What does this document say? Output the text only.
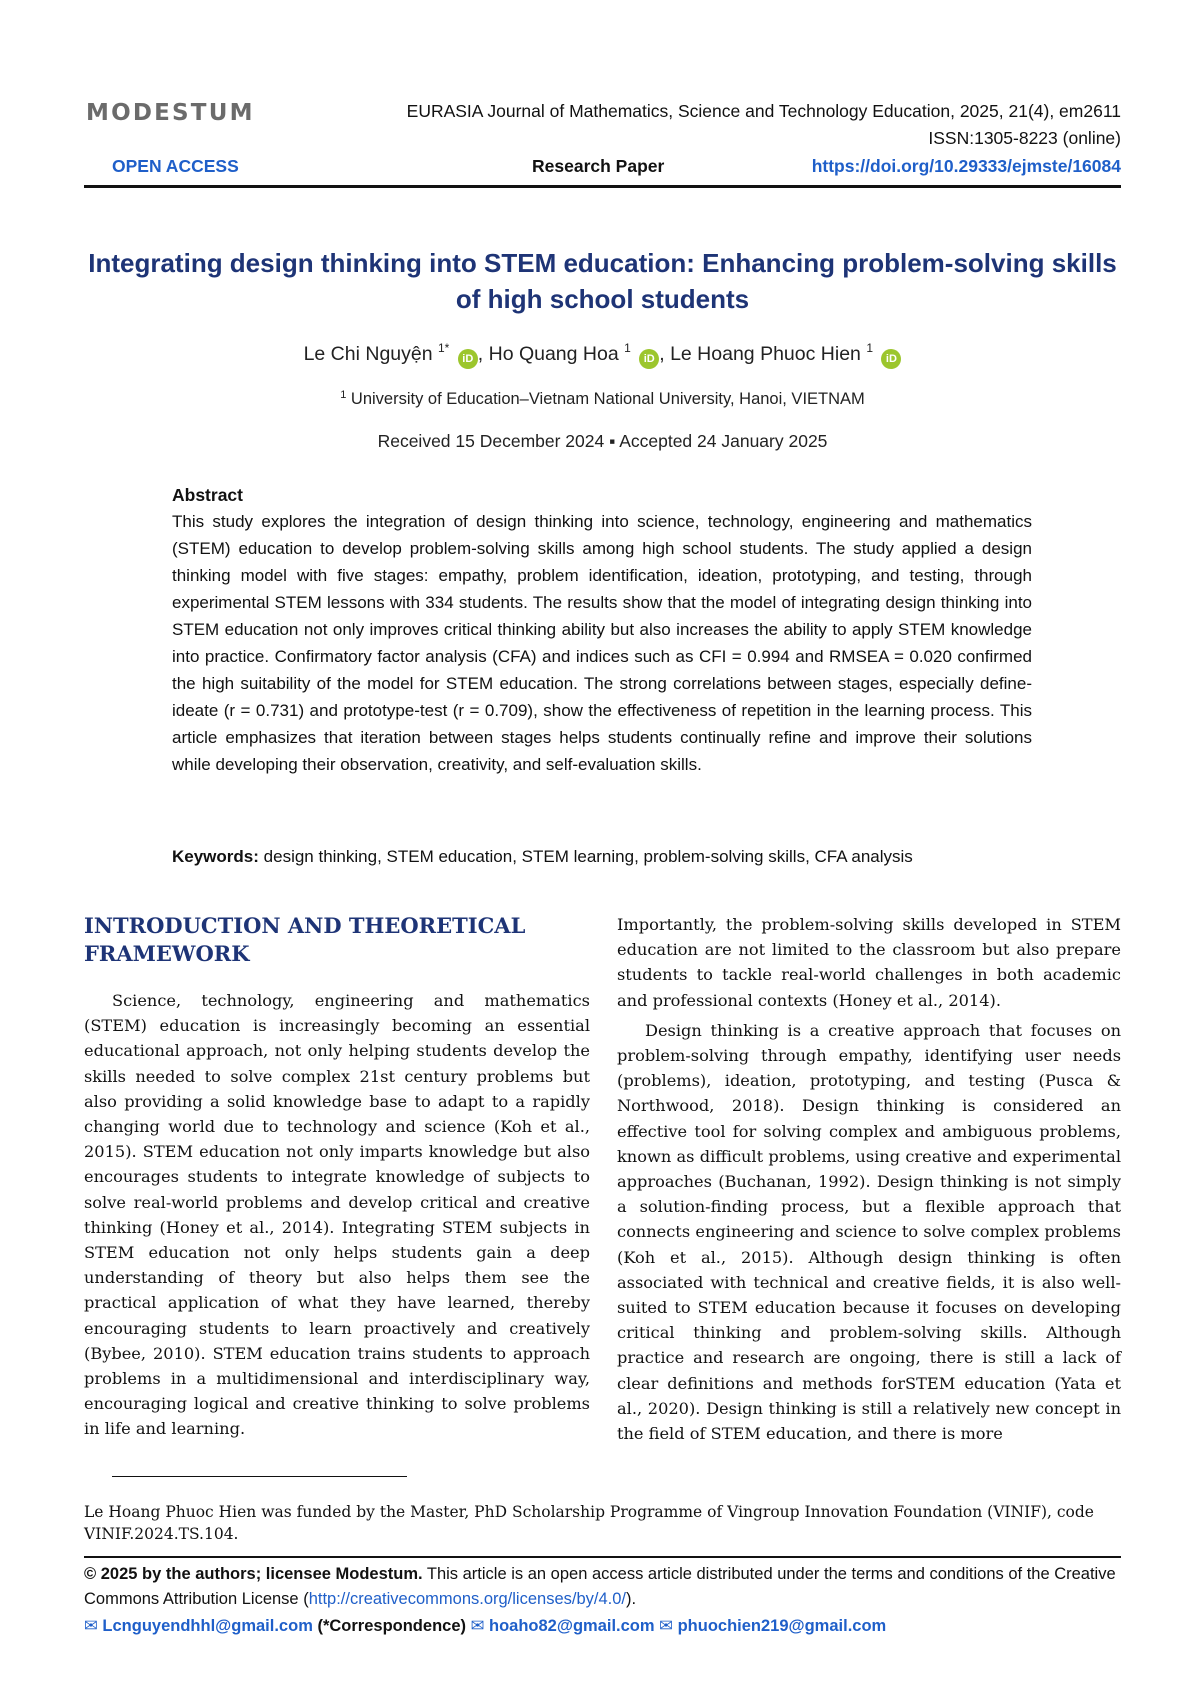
MODESTUM	EURASIA Journal of Mathematics, Science and Technology Education, 2025, 21(4), em2611
ISSN:1305-8223 (online)
OPEN ACCESS	Research Paper	https://doi.org/10.29333/ejmste/16084
Integrating design thinking into STEM education: Enhancing problem-solving skills of high school students
Le Chi Nguyện $^{1*}$ iD , Ho Quang Hoa $^1$ iD , Le Hoang Phuoc Hien $^1$ iD
$^1$ University of Education–Vietnam National University, Hanoi, VIETNAM
Received 15 December 2024 ▪ Accepted 24 January 2025
Abstract
This study explores the integration of design thinking into science, technology, engineering and mathematics (STEM) education to develop problem-solving skills among high school students. The study applied a design thinking model with five stages: empathy, problem identification, ideation, prototyping, and testing, through experimental STEM lessons with 334 students. The results show that the model of integrating design thinking into STEM education not only improves critical thinking ability but also increases the ability to apply STEM knowledge into practice. Confirmatory factor analysis (CFA) and indices such as CFI = 0.994 and RMSEA = 0.020 confirmed the high suitability of the model for STEM education. The strong correlations between stages, especially define-ideate (r = 0.731) and prototype-test (r = 0.709), show the effectiveness of repetition in the learning process. This article emphasizes that iteration between stages helps students continually refine and improve their solutions while developing their observation, creativity, and self-evaluation skills.
Keywords: design thinking, STEM education, STEM learning, problem-solving skills, CFA analysis
INTRODUCTION AND THEORETICAL FRAMEWORK

Science, technology, engineering and mathematics (STEM) education is increasingly becoming an essential educational approach, not only helping students develop the skills needed to solve complex 21st century problems but also providing a solid knowledge base to adapt to a rapidly changing world due to technology and science (Koh et al., 2015). STEM education not only imparts knowledge but also encourages students to integrate knowledge of subjects to solve real-world problems and develop critical and creative thinking (Honey et al., 2014). Integrating STEM subjects in STEM education not only helps students gain a deep understanding of theory but also helps them see the practical application of what they have learned, thereby encouraging students to learn proactively and creatively (Bybee, 2010). STEM education trains students to approach problems in a multidimensional and interdisciplinary way, encouraging logical and creative thinking to solve problems in life and learning.

Importantly, the problem-solving skills developed in STEM education are not limited to the classroom but also prepare students to tackle real-world challenges in both academic and professional contexts (Honey et al., 2014).

Design thinking is a creative approach that focuses on problem-solving through empathy, identifying user needs (problems), ideation, prototyping, and testing (Pusca & Northwood, 2018). Design thinking is considered an effective tool for solving complex and ambiguous problems, known as difficult problems, using creative and experimental approaches (Buchanan, 1992). Design thinking is not simply a solution-finding process, but a flexible approach that connects engineering and science to solve complex problems (Koh et al., 2015). Although design thinking is often associated with technical and creative fields, it is also well-suited to STEM education because it focuses on developing critical thinking and problem-solving skills. Although practice and research are ongoing, there is still a lack of clear definitions and methods forSTEM education (Yata et al., 2020). Design thinking is still a relatively new concept in the field of STEM education, and there is more

Le Hoang Phuoc Hien was funded by the Master, PhD Scholarship Programme of Vingroup Innovation Foundation (VINIF), code VINIF.2024.TS.104.
© 2025 by the authors; licensee Modestum. This article is an open access article distributed under the terms and conditions of the Creative Commons Attribution License (http://creativecommons.org/licenses/by/4.0/).
✉ Lcnguyendhhl@gmail.com (*Correspondence) ✉ hoaho82@gmail.com ✉ phuochien219@gmail.com
